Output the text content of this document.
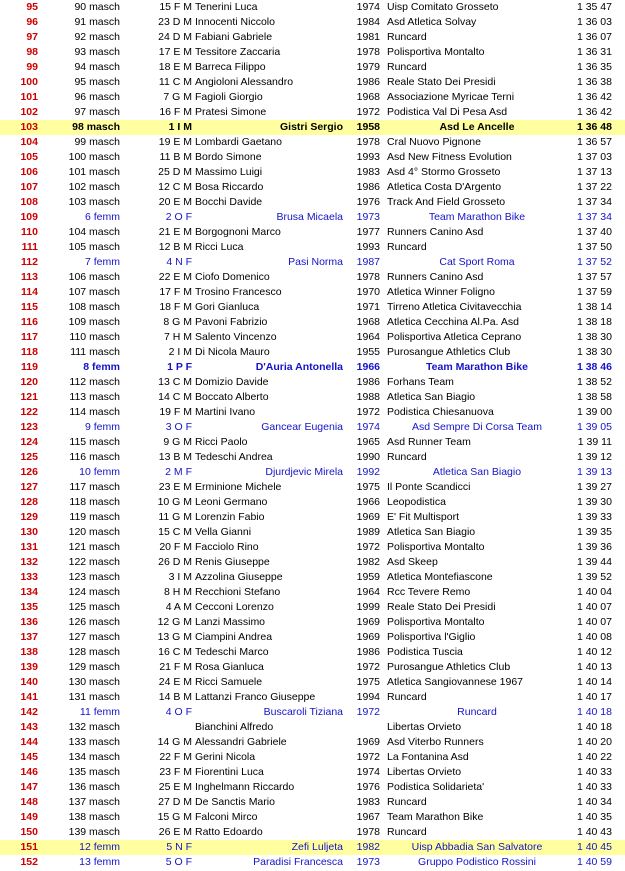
95	90 masch	15 F M Tenerini Luca	1974 Uisp Comitato Grosseto	1 35 47
96	91 masch	23 D M Innocenti Niccolo	1984 Asd Atletica Solvay	1 36 03
97	92 masch	24 D M Fabiani Gabriele	1981 Runcard	1 36 07
98	93 masch	17 E M Tessitore Zaccaria	1978 Polisportiva Montalto	1 36 31
99	94 masch	18 E M Barreca Filippo	1979 Runcard	1 36 35
100	95 masch	11 C M Angioloni Alessandro	1986 Reale Stato Dei Presidi	1 36 38
101	96 masch	7 G M Fagioli Giorgio	1968 Associazione Myricae Terni	1 36 42
102	97 masch	16 F M Pratesi Simone	1972 Podistica Val Di Pesa Asd	1 36 42
103	98 masch	1 I M	Gistri Sergio	1958	Asd Le Ancelle	1 36 48
104	99 masch	19 E M Lombardi Gaetano	1978 Cral Nuovo Pignone	1 36 57
105	100 masch	11 B M Bordo Simone	1993 Asd New Fitness Evolution	1 37 03
106	101 masch	25 D M Massimo Luigi	1983 Asd 4° Stormo Grosseto	1 37 13
107	102 masch	12 C M Bosa Riccardo	1986 Atletica Costa D'Argento	1 37 22
108	103 masch	20 E M Bocchi Davide	1976 Track And Field Grosseto	1 37 34
109	6 femm	2 O F	Brusa Micaela	1973	Team Marathon Bike	1 37 34
110	104 masch	21 E M Borgognoni Marco	1977 Runners Canino Asd	1 37 40
111	105 masch	12 B M Ricci Luca	1993 Runcard	1 37 50
112	7 femm	4 N F	Pasi Norma	1987	Cat Sport Roma	1 37 52
113	106 masch	22 E M Ciofo Domenico	1978 Runners Canino Asd	1 37 57
114	107 masch	17 F M Trosino Francesco	1970 Atletica Winner Foligno	1 37 59
115	108 masch	18 F M Gori Gianluca	1971 Tirreno Atletica Civitavecchia	1 38 14
116	109 masch	8 G M Pavoni Fabrizio	1968 Atletica Cecchina Al.Pa. Asd	1 38 18
117	110 masch	7 H M Salento Vincenzo	1964 Polisportiva Atletica Ceprano	1 38 30
118	111 masch	2 I M Di Nicola Mauro	1955 Purosangue Athletics Club	1 38 30
119	8 femm	1 P F	D'Auria Antonella	1966	Team Marathon Bike	1 38 46
120	112 masch	13 C M Domizio Davide	1986 Forhans Team	1 38 52
121	113 masch	14 C M Boccato Alberto	1988 Atletica San Biagio	1 38 58
122	114 masch	19 F M Martini Ivano	1972 Podistica Chiesanuova	1 39 00
123	9 femm	3 O F	Gancear Eugenia	1974	Asd Sempre Di Corsa Team	1 39 05
124	115 masch	9 G M Ricci Paolo	1965 Asd Runner Team	1 39 11
125	116 masch	13 B M Tedeschi Andrea	1990 Runcard	1 39 12
126	10 femm	2 M F	Djurdjevic Mirela	1992	Atletica San Biagio	1 39 13
127	117 masch	23 E M Erminione Michele	1975 Il Ponte Scandicci	1 39 27
128	118 masch	10 G M Leoni Germano	1966 Leopodistica	1 39 30
129	119 masch	11 G M Lorenzin Fabio	1969 E' Fit Multisport	1 39 33
130	120 masch	15 C M Vella Gianni	1989 Atletica San Biagio	1 39 35
131	121 masch	20 F M Facciolo Rino	1972 Polisportiva Montalto	1 39 36
132	122 masch	26 D M Renis Giuseppe	1982 Asd Skeep	1 39 44
133	123 masch	3 I M Azzolina Giuseppe	1959 Atletica Montefiascone	1 39 52
134	124 masch	8 H M Recchioni Stefano	1964 Rcc Tevere Remo	1 40 04
135	125 masch	4 A M Cecconi Lorenzo	1999 Reale Stato Dei Presidi	1 40 07
136	126 masch	12 G M Lanzi Massimo	1969 Polisportiva Montalto	1 40 07
137	127 masch	13 G M Ciampini Andrea	1969 Polisportiva l'Giglio	1 40 08
138	128 masch	16 C M Tedeschi Marco	1986 Podistica Tuscia	1 40 12
139	129 masch	21 F M Rosa Gianluca	1972 Purosangue Athletics Club	1 40 13
140	130 masch	24 E M Ricci Samuele	1975 Atletica Sangiovannese 1967	1 40 14
141	131 masch	14 B M Lattanzi Franco Giuseppe	1994 Runcard	1 40 17
142	11 femm	4 O F	Buscaroli Tiziana	1972	Runcard	1 40 18
143	132 masch	Bianchini Alfredo	Libertas Orvieto	1 40 18
144	133 masch	14 G M Alessandri Gabriele	1969 Asd Viterbo Runners	1 40 20
145	134 masch	22 F M Gerini Nicola	1972 La Fontanina Asd	1 40 22
146	135 masch	23 F M Fiorentini Luca	1974 Libertas Orvieto	1 40 33
147	136 masch	25 E M Inghelmann Riccardo	1976 Podistica Solidarieta'	1 40 33
148	137 masch	27 D M De Sanctis Mario	1983 Runcard	1 40 34
149	138 masch	15 G M Falconi Mirco	1967 Team Marathon Bike	1 40 35
150	139 masch	26 E M Ratto Edoardo	1978 Runcard	1 40 43
151	12 femm	5 N F	Zefi Luljeta	1982	Uisp Abbadia San Salvatore	1 40 45
152	13 femm	5 O F	Paradisi Francesca	1973	Gruppo Podistico Rossini	1 40 59
